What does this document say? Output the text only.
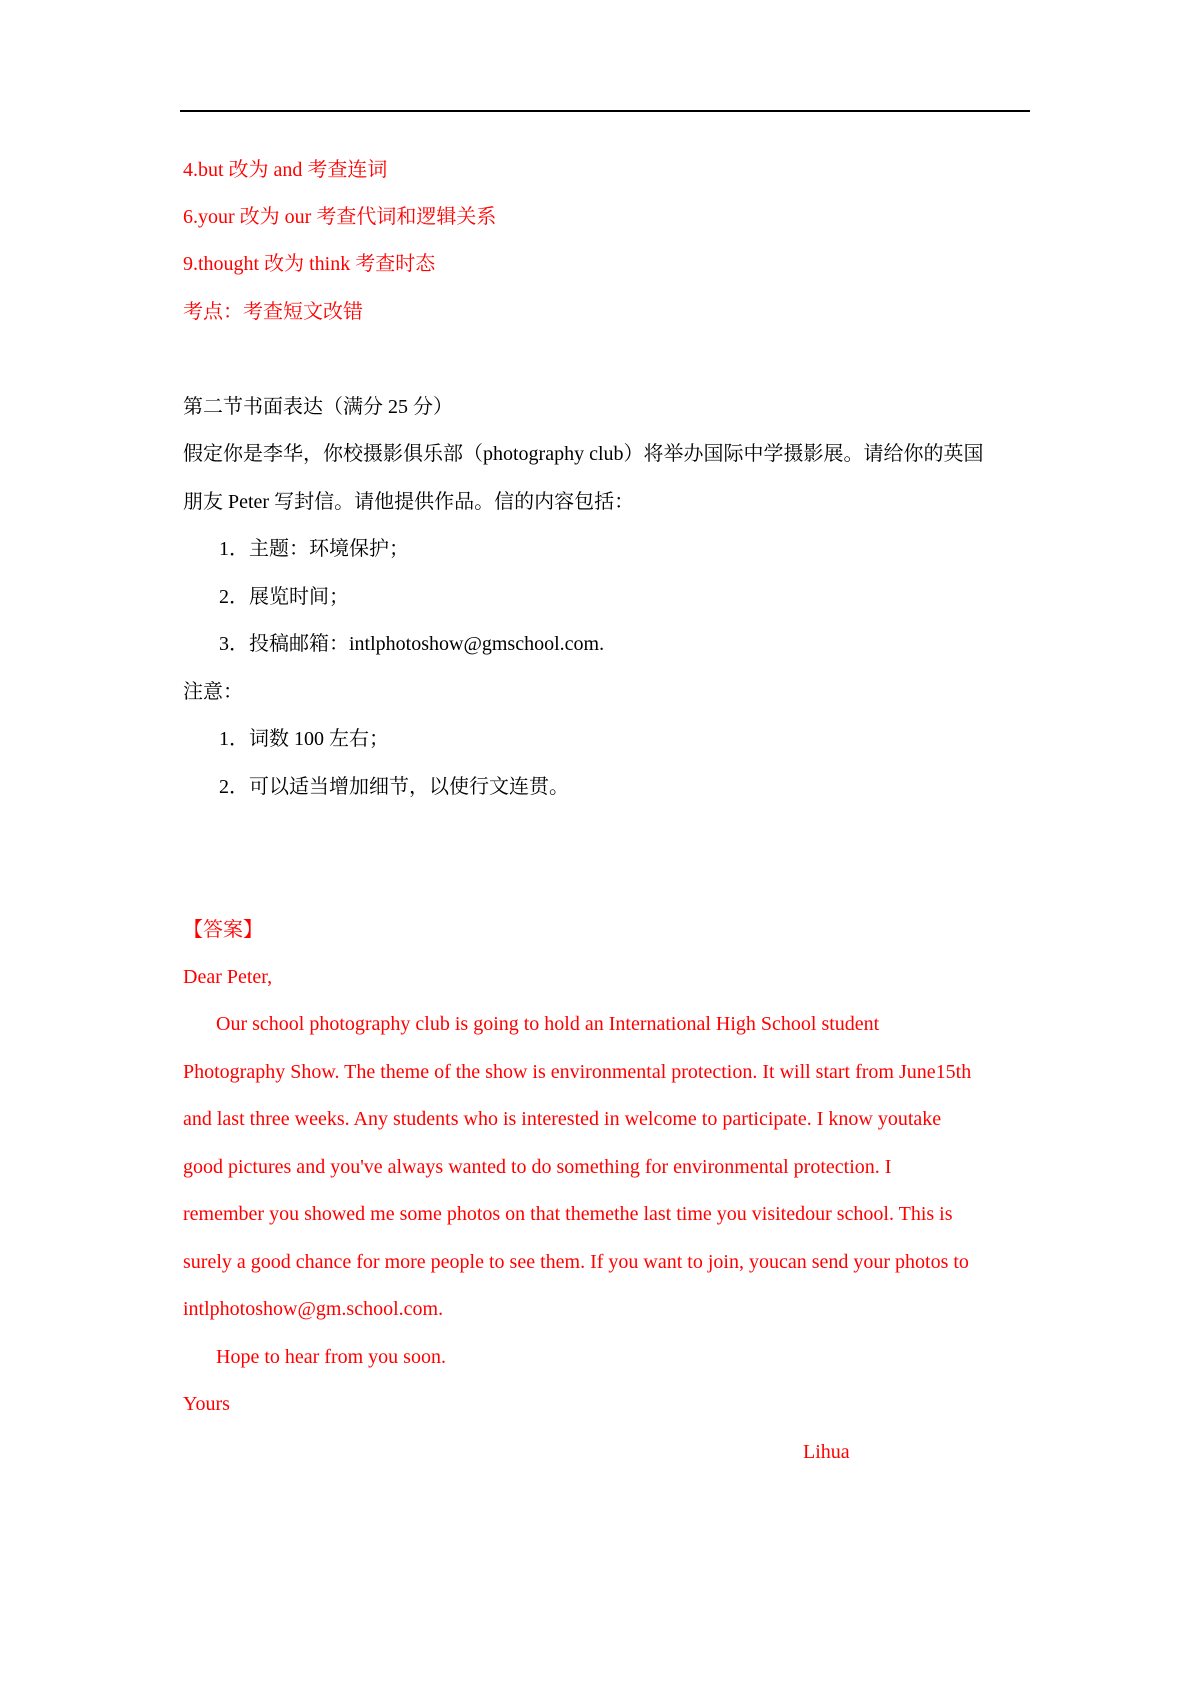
4.but 改为 and 考查连词
6.your 改为 our 考查代词和逻辑关系
9.thought 改为 think 考查时态
考点：考查短文改错
第二节书面表达（满分 25 分）
假定你是李华，你校摄影俱乐部（photography club）将举办国际中学摄影展。请给你的英国
朋友 Peter 写封信。请他提供作品。信的内容包括：
1．主题：环境保护；
2．展览时间；
3．投稿邮箱：intlphotoshow@gmschool.com.
注意：
1．词数 100 左右；
2．可以适当增加细节，以使行文连贯。
【答案】
Dear Peter,
Our school photography club is going to hold an International High School student
Photography Show. The theme of the show is environmental protection. It will start from June15th
and last three weeks. Any students who is interested in welcome to participate. I know youtake
good pictures and you've always wanted to do something for environmental protection. I
remember you showed me some photos on that themethe last time you visitedour school. This is
surely a good chance for more people to see them. If you want to join, youcan send your photos to
intlphotoshow@gm.school.com.
Hope to hear from you soon.
Yours
Lihua
